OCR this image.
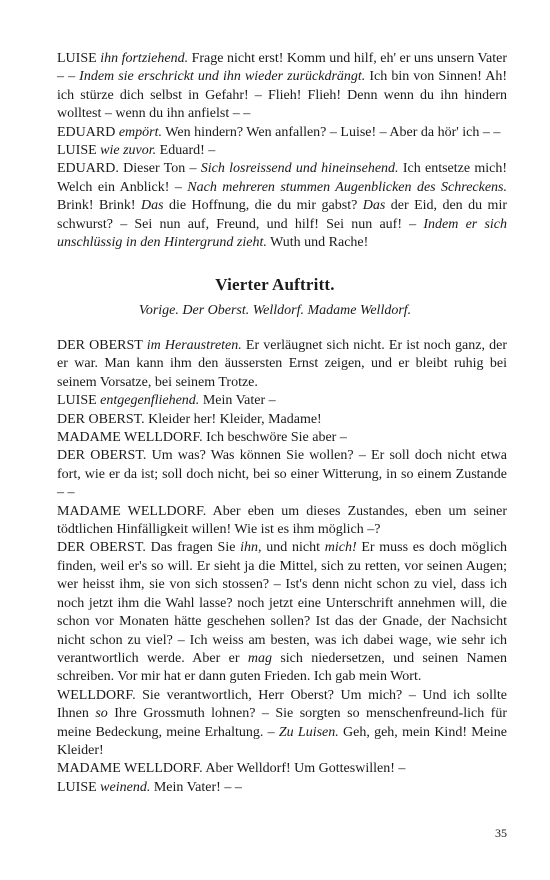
LUISE ihn fortziehend. Frage nicht erst! Komm und hilf, eh' er uns unsern Vater – – Indem sie erschrickt und ihn wieder zurückdrängt. Ich bin von Sinnen! Ah! ich stürze dich selbst in Gefahr! – Flieh! Flieh! Denn wenn du ihn hindern wolltest – wenn du ihn anfielst – –

EDUARD empört. Wen hindern? Wen anfallen? – Luise! – Aber da hör' ich – –

LUISE wie zuvor. Eduard! –

EDUARD. Dieser Ton – Sich losreissend und hineinsehend. Ich entsetze mich! Welch ein Anblick! – Nach mehreren stummen Augenblicken des Schreckens. Brink! Brink! Das die Hoffnung, die du mir gabst? Das der Eid, den du mir schwurst? – Sei nun auf, Freund, und hilf! Sei nun auf! – Indem er sich unschlüssig in den Hintergrund zieht. Wuth und Rache!

Vierter Auftritt.
Vorige. Der Oberst. Welldorf. Madame Welldorf.

DER OBERST im Heraustreten. Er verläugnet sich nicht. Er ist noch ganz, der er war. Man kann ihm den äussersten Ernst zeigen, und er bleibt ruhig bei seinem Vorsatze, bei seinem Trotze.

LUISE entgegenfliehend. Mein Vater –

DER OBERST. Kleider her! Kleider, Madame!

MADAME WELLDORF. Ich beschwöre Sie aber –

DER OBERST. Um was? Was können Sie wollen? – Er soll doch nicht etwa fort, wie er da ist; soll doch nicht, bei so einer Witterung, in so einem Zustande – –

MADAME WELLDORF. Aber eben um dieses Zustandes, eben um seiner tödtlichen Hinfälligkeit willen! Wie ist es ihm möglich –?

DER OBERST. Das fragen Sie ihn, und nicht mich! Er muss es doch möglich finden, weil er's so will. Er sieht ja die Mittel, sich zu retten, vor seinen Augen; wer heisst ihm, sie von sich stossen? – Ist's denn nicht schon zu viel, dass ich noch jetzt ihm die Wahl lasse? noch jetzt eine Unterschrift annehmen will, die schon vor Monaten hätte geschehen sollen? Ist das der Gnade, der Nachsicht nicht schon zu viel? – Ich weiss am besten, was ich dabei wage, wie sehr ich verantwortlich werde. Aber er mag sich niedersetzen, und seinen Namen schreiben. Vor mir hat er dann guten Frieden. Ich gab mein Wort.

WELLDORF. Sie verantwortlich, Herr Oberst? Um mich? – Und ich sollte Ihnen so Ihre Grossmuth lohnen? – Sie sorgten so menschenfreund-lich für meine Bedeckung, meine Erhaltung. – Zu Luisen. Geh, geh, mein Kind! Meine Kleider!

MADAME WELLDORF. Aber Welldorf! Um Gotteswillen! –

LUISE weinend. Mein Vater! – –

35
